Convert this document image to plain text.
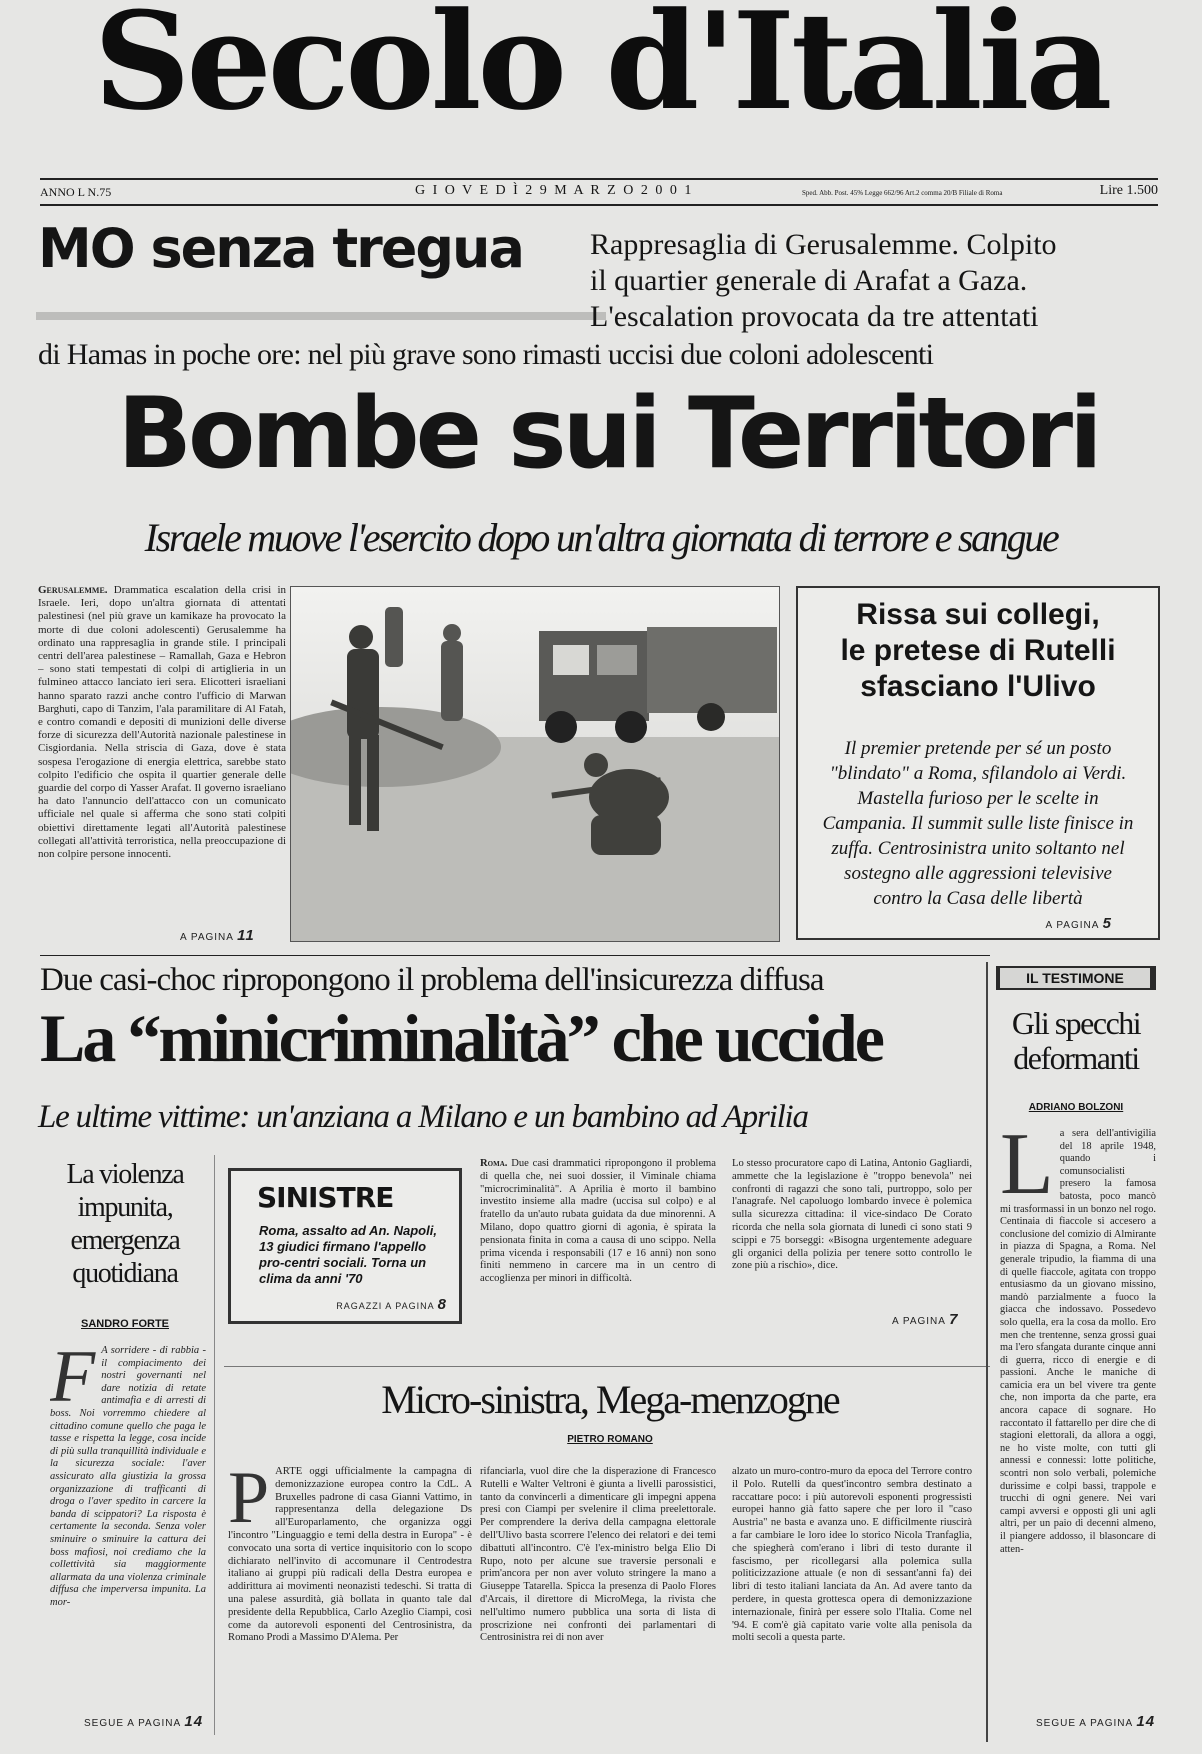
Secolo d'Italia
ANNO L N.75	G I O V E D Ì 2 9 M A R Z O 2 0 0 1	Sped. Abb. Post. 45% Legge 662/96 Art.2 comma 20/B Filiale di Roma	Lire 1.500
MO senza tregua Rappresaglia di Gerusalemme. Colpito
il quartier generale di Arafat a Gaza.
L'escalation provocata da tre attentati
di Hamas in poche ore: nel più grave sono rimasti uccisi due coloni adolescenti
Bombe sui Territori
Israele muove l'esercito dopo un'altra giornata di terrore e sangue
Gerusalemme. Drammatica escalation della crisi in Israele. Ieri, dopo un'altra giornata di attentati palestinesi (nel più grave un kamikaze ha provocato la morte di due coloni adolescenti) Gerusalemme ha ordinato una rappresaglia in grande stile. I principali centri dell'area palestinese – Ramallah, Gaza e Hebron – sono stati tempestati di colpi di artiglieria in un fulmineo attacco lanciato ieri sera. Elicotteri israeliani hanno sparato razzi anche contro l'ufficio di Marwan Barghuti, capo di Tanzim, l'ala paramilitare di Al Fatah, e contro comandi e depositi di munizioni delle diverse forze di sicurezza dell'Autorità nazionale palestinese in Cisgiordania. Nella striscia di Gaza, dove è stata sospesa l'erogazione di energia elettrica, sarebbe stato colpito l'edificio che ospita il quartier generale delle guardie del corpo di Yasser Arafat. Il governo israeliano ha dato l'annuncio dell'attacco con un comunicato ufficiale nel quale si afferma che sono stati colpiti obiettivi direttamente legati all'Autorità palestinese collegati all'attività terroristica, nella preoccupazione di non colpire persone innocenti.
A PAGINA 11
Rissa sui collegi,
le pretese di Rutelli
sfasciano l'Ulivo
Il premier pretende per sé un posto "blindato" a Roma, sfilandolo ai Verdi. Mastella furioso per le scelte in Campania. Il summit sulle liste finisce in zuffa. Centrosinistra unito soltanto nel sostegno alle aggressioni televisive contro la Casa delle libertà
A PAGINA 5
Due casi-choc ripropongono il problema dell'insicurezza diffusa
La “minicriminalità” che uccide
Le ultime vittime: un'anziana a Milano e un bambino ad Aprilia
La violenza impunita, emergenza quotidiana
SANDRO FORTE
F A sorridere - di rabbia - il compiacimento dei nostri governanti nel dare notizia di retate antimafia e di arresti di boss. Noi vorremmo chiedere al cittadino comune quello che paga le tasse e rispetta la legge, cosa incide di più sulla tranquillità individuale e la sicurezza sociale: l'aver assicurato alla giustizia la grossa organizzazione di trafficanti di droga o l'aver spedito in carcere la banda di scippatori? La risposta è certamente la seconda. Senza voler sminuire o sminuire la cattura dei boss mafiosi, noi crediamo che la collettività sia maggiormente allarmata da una violenza criminale diffusa che imperversa impunita. La mor-
SEGUE A PAGINA 14
SINISTRE
Roma, assalto ad An. Napoli, 13 giudici firmano l'appello pro-centri sociali. Torna un clima da anni '70
RAGAZZI A PAGINA 8
Roma. Due casi drammatici ripropongono il problema di quella che, nei suoi dossier, il Viminale chiama "microcriminalità". A Aprilia è morto il bambino investito insieme alla madre (uccisa sul colpo) e al fratello da un'auto rubata guidata da due minorenni. A Milano, dopo quattro giorni di agonia, è spirata la pensionata finita in coma a causa di uno scippo. Nella prima vicenda i responsabili (17 e 16 anni) non sono finiti nemmeno in carcere ma in un centro di accoglienza per minori in difficoltà.
Lo stesso procuratore capo di Latina, Antonio Gagliardi, ammette che la legislazione è "troppo benevola" nei confronti di ragazzi che sono tali, purtroppo, solo per l'anagrafe. Nel capoluogo lombardo invece è polemica sulla sicurezza cittadina: il vice-sindaco De Corato ricorda che nella sola giornata di lunedì ci sono stati 9 scippi e 75 borseggi: «Bisogna urgentemente adeguare gli organici della polizia per tenere sotto controllo le zone più a rischio», dice.
A PAGINA 7
Micro-sinistra, Mega-menzogne
PIETRO ROMANO
P ARTE oggi ufficialmente la campagna di demonizzazione europea contro la CdL. A Bruxelles padrone di casa Gianni Vattimo, in rappresentanza della delegazione Ds all'Europarlamento, che organizza oggi l'incontro "Linguaggio e temi della destra in Europa" - è convocato una sorta di vertice inquisitorio con lo scopo dichiarato nell'invito di accomunare il Centrodestra italiano ai gruppi più radicali della Destra europea e addirittura ai movimenti neonazisti tedeschi. Si tratta di una palese assurdità, già bollata in quanto tale dal presidente della Repubblica, Carlo Azeglio Ciampi, così come da autorevoli esponenti del Centrosinistra, da Romano Prodi a Massimo D'Alema. Per
rifanciarla, vuol dire che la disperazione di Francesco Rutelli e Walter Veltroni è giunta a livelli parossistici, tanto da convincerli a dimenticare gli impegni appena presi con Ciampi per svelenire il clima preelettorale. Per comprendere la deriva della campagna elettorale dell'Ulivo basta scorrere l'elenco dei relatori e dei temi dibattuti all'incontro. C'è l'ex-ministro belga Elio Di Rupo, noto per alcune sue traversie personali e prim'ancora per non aver voluto stringere la mano a Giuseppe Tatarella. Spicca la presenza di Paolo Flores d'Arcais, il direttore di MicroMega, la rivista che nell'ultimo numero pubblica una sorta di lista di proscrizione nei confronti dei parlamentari di Centrosinistra rei di non aver
alzato un muro-contro-muro da epoca del Terrore contro il Polo. Rutelli da quest'incontro sembra destinato a raccattare poco: i più autorevoli esponenti progressisti europei hanno già fatto sapere che per loro il "caso Austria" ne basta e avanza uno. E difficilmente riuscirà a far cambiare le loro idee lo storico Nicola Tranfaglia, che spiegherà com'erano i libri di testo durante il fascismo, per ricollegarsi alla polemica sulla politicizzazione attuale (e non di sessant'anni fa) dei libri di testo italiani lanciata da An. Ad avere tanto da perdere, in questa grottesca opera di demonizzazione internazionale, finirà per essere solo l'Italia. Come nel '94. E com'è già capitato varie volte alla penisola da molti secoli a questa parte.
IL TESTIMONE
Gli specchi deformanti
ADRIANO BOLZONI
L a sera dell'antivigilia del 18 aprile 1948, quando i comunsocialisti presero la famosa batosta, poco mancò mi trasformassi in un bonzo nel rogo. Centinaia di fiaccole si accesero a conclusione del comizio di Almirante in piazza di Spagna, a Roma. Nel generale tripudio, la fiamma di una di quelle fiaccole, agitata con troppo entusiasmo da un giovano missino, mandò parzialmente a fuoco la giacca che indossavo. Possedevo solo quella, era la cosa da mollo. Ero men che trentenne, senza grossi guai ma l'ero sfangata durante cinque anni di guerra, ricco di energie e di passioni. Anche le maniche di camicia era un bel vivere tra gente che, non importa da che parte, era ancora capace di sognare. Ho raccontato il fattarello per dire che di stagioni elettorali, da allora a oggi, ne ho viste molte, con tutti gli annessi e connessi: lotte politiche, scontri non solo verbali, polemiche durissime e colpi bassi, trappole e trucchi di ogni genere. Nei vari campi avversi e opposti gli uni agli altri, per un paio di decenni almeno, il piangere addosso, il blasoncare di atten-
SEGUE A PAGINA 14
